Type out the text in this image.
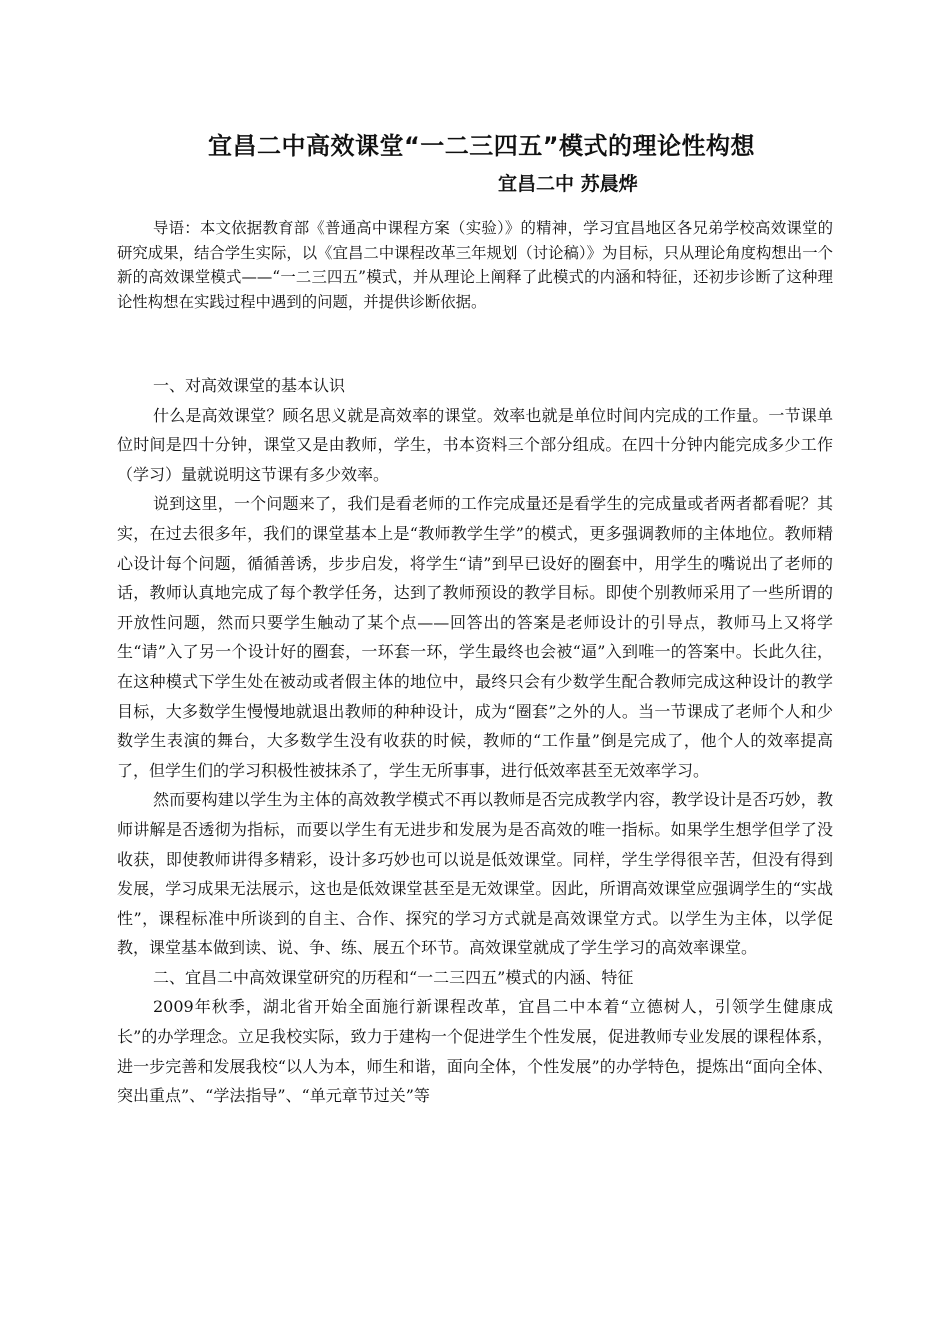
宜昌二中高效课堂“一二三四五”模式的理论性构想
宜昌二中 苏晨烨

导语：本文依据教育部《普通高中课程方案（实验）》的精神，学习宜昌地区各兄弟学校高效课堂的研究成果，结合学生实际，以《宜昌二中课程改革三年规划（讨论稿）》为目标，只从理论角度构想出一个新的高效课堂模式——“一二三四五”模式，并从理论上阐释了此模式的内涵和特征，还初步诊断了这种理论性构想在实践过程中遇到的问题，并提供诊断依据。

一、对高效课堂的基本认识

什么是高效课堂？顾名思义就是高效率的课堂。效率也就是单位时间内完成的工作量。一节课单位时间是四十分钟，课堂又是由教师，学生，书本资料三个部分组成。在四十分钟内能完成多少工作（学习）量就说明这节课有多少效率。

说到这里，一个问题来了，我们是看老师的工作完成量还是看学生的完成量或者两者都看呢？其实，在过去很多年，我们的课堂基本上是“教师教学生学”的模式，更多强调教师的主体地位。教师精心设计每个问题，循循善诱，步步启发，将学生“请”到早已设好的圈套中，用学生的嘴说出了老师的话，教师认真地完成了每个教学任务，达到了教师预设的教学目标。即使个别教师采用了一些所谓的开放性问题，然而只要学生触动了某个点——回答出的答案是老师设计的引导点，教师马上又将学生“请”入了另一个设计好的圈套，一环套一环，学生最终也会被“逼”入到唯一的答案中。长此久往，在这种模式下学生处在被动或者假主体的地位中，最终只会有少数学生配合教师完成这种设计的教学目标，大多数学生慢慢地就退出教师的种种设计，成为“圈套”之外的人。当一节课成了老师个人和少数学生表演的舞台，大多数学生没有收获的时候，教师的“工作量”倒是完成了，他个人的效率提高了，但学生们的学习积极性被抹杀了，学生无所事事，进行低效率甚至无效率学习。

然而要构建以学生为主体的高效教学模式不再以教师是否完成教学内容，教学设计是否巧妙，教师讲解是否透彻为指标，而要以学生有无进步和发展为是否高效的唯一指标。如果学生想学但学了没收获，即使教师讲得多精彩，设计多巧妙也可以说是低效课堂。同样，学生学得很辛苦，但没有得到发展，学习成果无法展示，这也是低效课堂甚至是无效课堂。因此，所谓高效课堂应强调学生的“实战性”，课程标准中所谈到的自主、合作、探究的学习方式就是高效课堂方式。以学生为主体，以学促教，课堂基本做到读、说、争、练、展五个环节。高效课堂就成了学生学习的高效率课堂。

二、宜昌二中高效课堂研究的历程和“一二三四五”模式的内涵、特征

2009年秋季，湖北省开始全面施行新课程改革，宜昌二中本着“立德树人，引领学生健康成长”的办学理念。立足我校实际，致力于建构一个促进学生个性发展，促进教师专业发展的课程体系，进一步完善和发展我校“以人为本，师生和谐，面向全体，个性发展”的办学特色，提炼出“面向全体、突出重点”、“学法指导”、“单元章节过关”等
